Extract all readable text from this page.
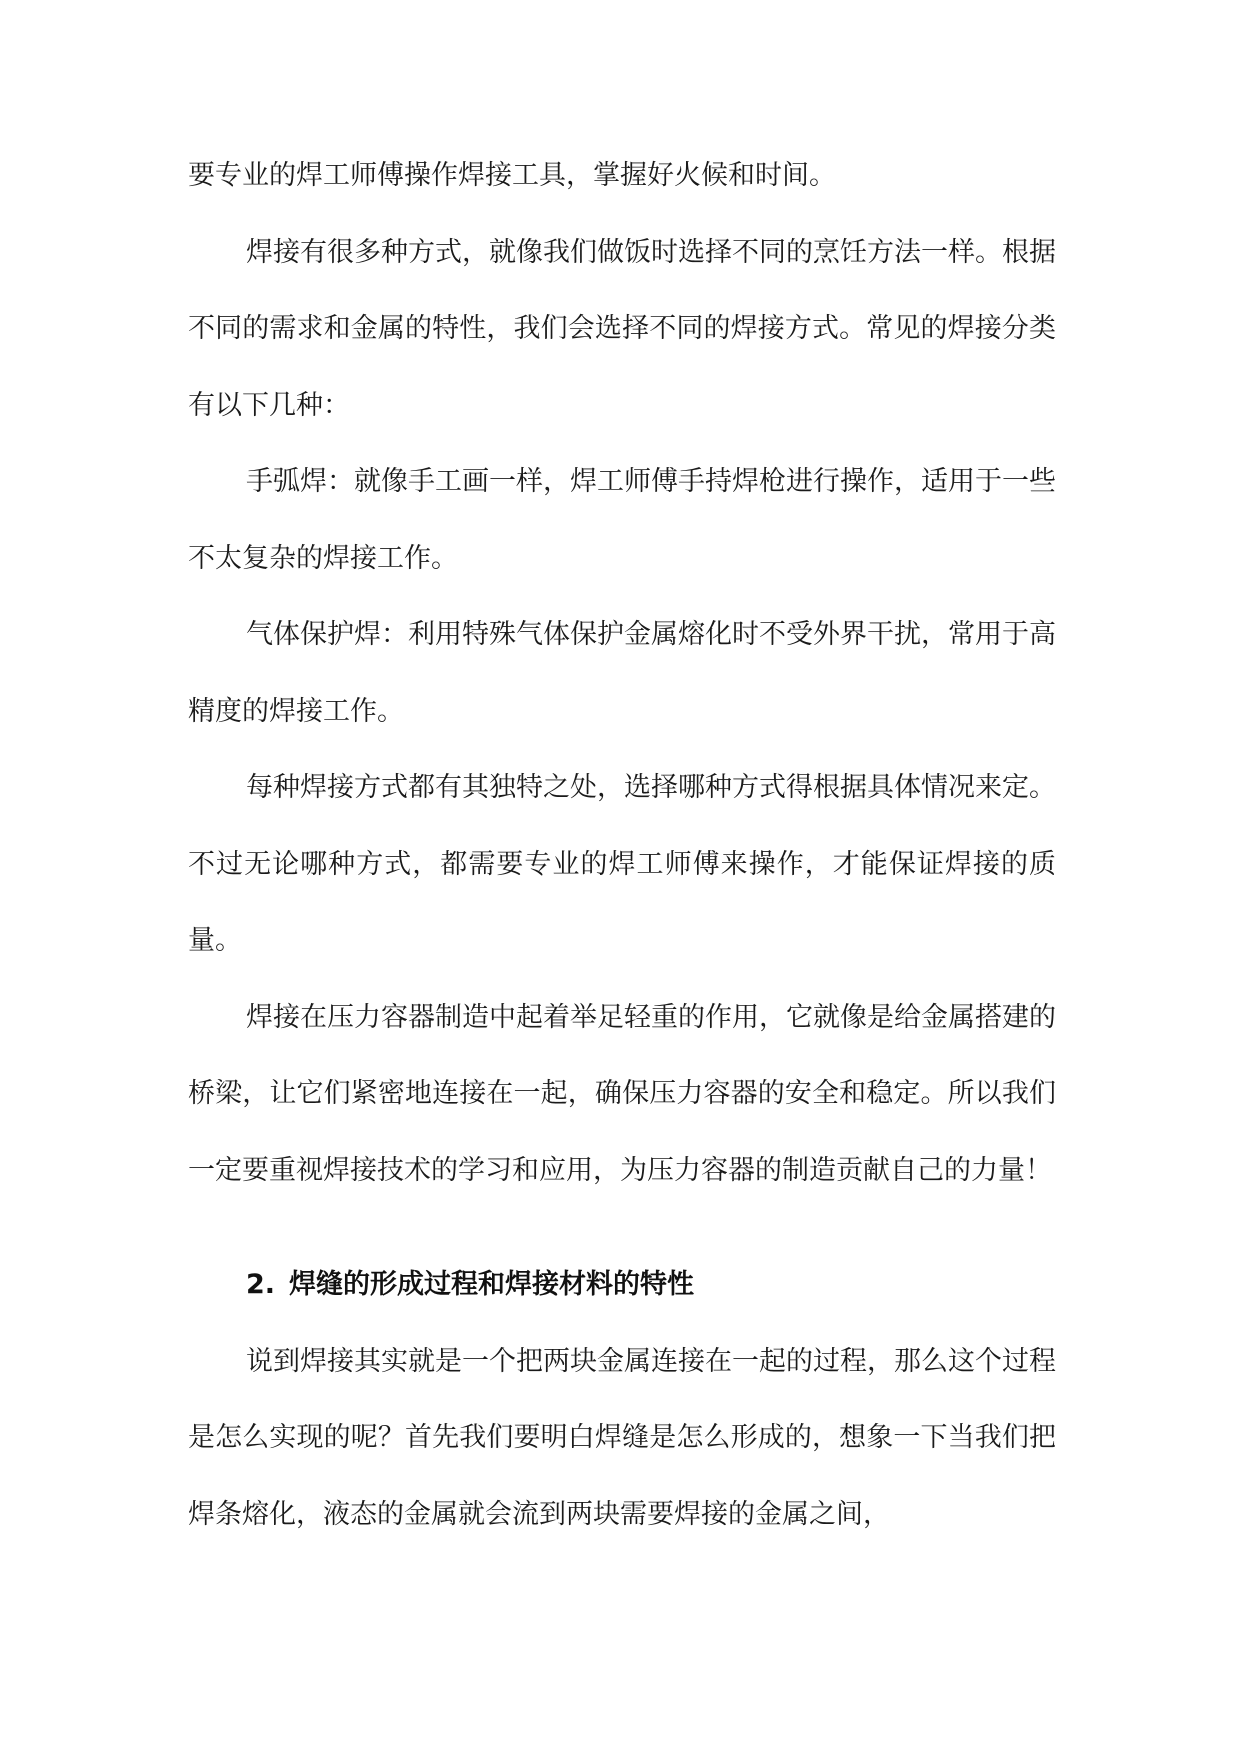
要专业的焊工师傅操作焊接工具，掌握好火候和时间。

焊接有很多种方式，就像我们做饭时选择不同的烹饪方法一样。根据不同的需求和金属的特性，我们会选择不同的焊接方式。常见的焊接分类有以下几种：

手弧焊：就像手工画一样，焊工师傅手持焊枪进行操作，适用于一些不太复杂的焊接工作。

气体保护焊：利用特殊气体保护金属熔化时不受外界干扰，常用于高精度的焊接工作。

每种焊接方式都有其独特之处，选择哪种方式得根据具体情况来定。不过无论哪种方式，都需要专业的焊工师傅来操作，才能保证焊接的质量。

焊接在压力容器制造中起着举足轻重的作用，它就像是给金属搭建的桥梁，让它们紧密地连接在一起，确保压力容器的安全和稳定。所以我们一定要重视焊接技术的学习和应用，为压力容器的制造贡献自己的力量！

2. 焊缝的形成过程和焊接材料的特性

说到焊接其实就是一个把两块金属连接在一起的过程，那么这个过程是怎么实现的呢？首先我们要明白焊缝是怎么形成的，想象一下当我们把焊条熔化，液态的金属就会流到两块需要焊接的金属之间，
